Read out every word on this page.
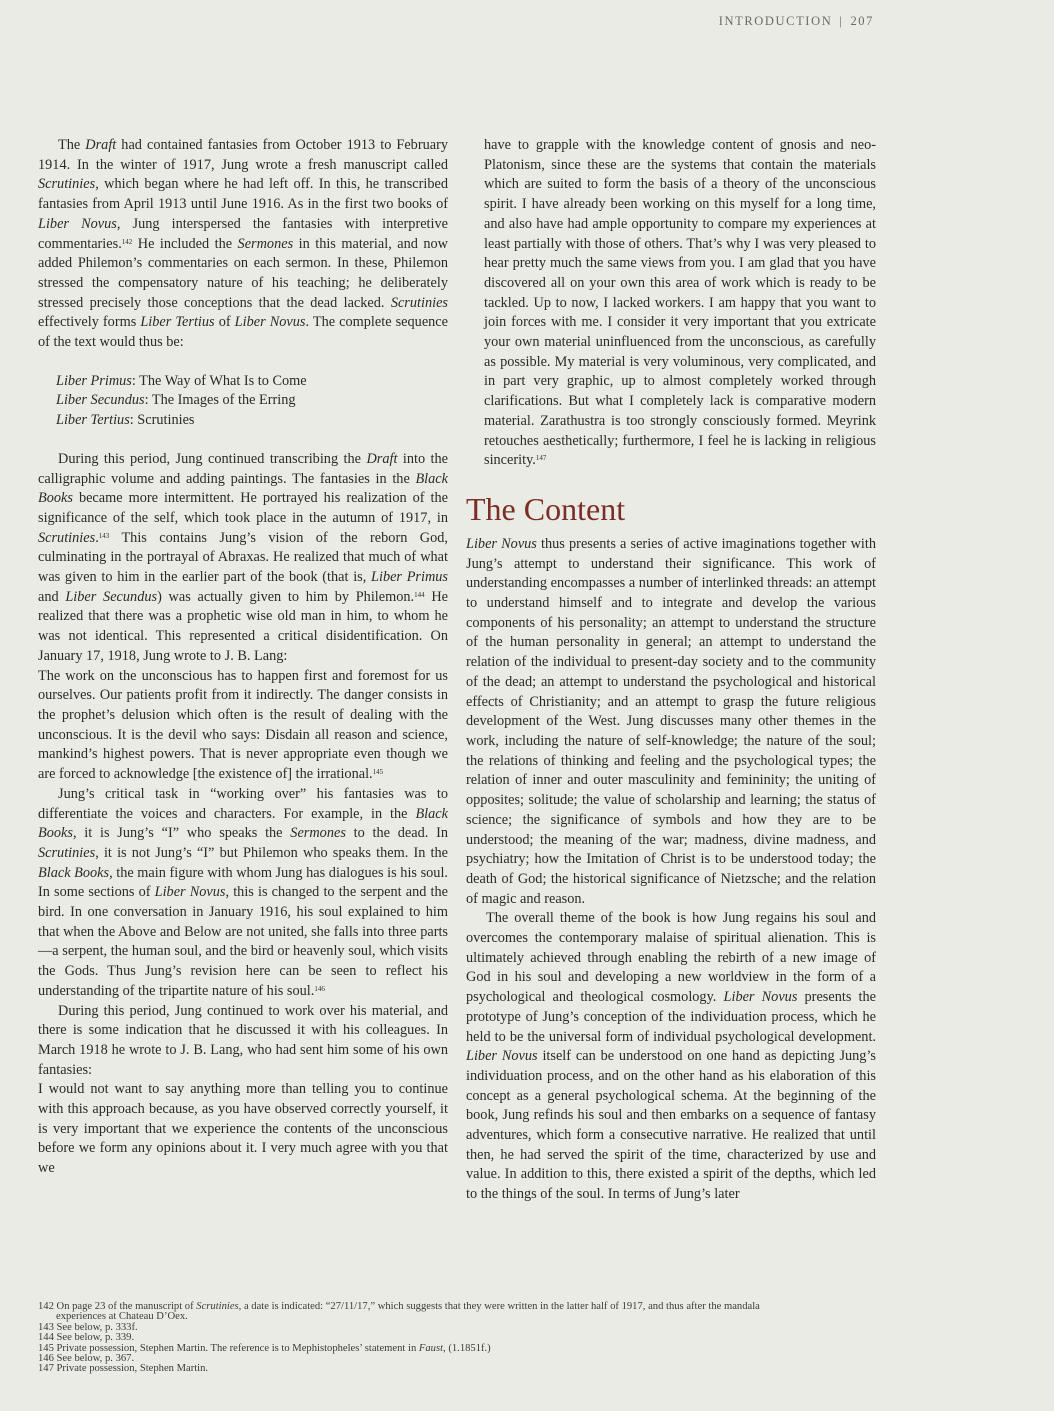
INTRODUCTION | 207

The Draft had contained fantasies from October 1913 to February 1914. In the winter of 1917, Jung wrote a fresh manuscript called Scrutinies, which began where he had left off. In this, he transcribed fantasies from April 1913 until June 1916. As in the first two books of Liber Novus, Jung interspersed the fantasies with interpretive commentaries.$^{142}$ He included the Sermones in this material, and now added Philemon’s commentaries on each sermon. In these, Philemon stressed the compensatory nature of his teaching; he deliberately stressed precisely those conceptions that the dead lacked. Scrutinies effectively forms Liber Tertius of Liber Novus. The complete sequence of the text would thus be:

Liber Primus: The Way of What Is to Come
Liber Secundus: The Images of the Erring
Liber Tertius: Scrutinies

During this period, Jung continued transcribing the Draft into the calligraphic volume and adding paintings. The fantasies in the Black Books became more intermittent. He portrayed his realization of the significance of the self, which took place in the autumn of 1917, in Scrutinies.$^{143}$ This contains Jung’s vision of the reborn God, culminating in the portrayal of Abraxas. He realized that much of what was given to him in the earlier part of the book (that is, Liber Primus and Liber Secundus) was actually given to him by Philemon.$^{144}$ He realized that there was a prophetic wise old man in him, to whom he was not identical. This represented a critical disidentification. On January 17, 1918, Jung wrote to J. B. Lang:

The work on the unconscious has to happen first and foremost for us ourselves. Our patients profit from it indirectly. The danger consists in the prophet’s delusion which often is the result of dealing with the unconscious. It is the devil who says: Disdain all reason and science, mankind’s highest powers. That is never appropriate even though we are forced to acknowledge [the existence of] the irrational.$^{145}$

Jung’s critical task in “working over” his fantasies was to differentiate the voices and characters. For example, in the Black Books, it is Jung’s “I” who speaks the Sermones to the dead. In Scrutinies, it is not Jung’s “I” but Philemon who speaks them. In the Black Books, the main figure with whom Jung has dialogues is his soul. In some sections of Liber Novus, this is changed to the serpent and the bird. In one conversation in January 1916, his soul explained to him that when the Above and Below are not united, she falls into three parts—a serpent, the human soul, and the bird or heavenly soul, which visits the Gods. Thus Jung’s revision here can be seen to reflect his understanding of the tripartite nature of his soul.$^{146}$

During this period, Jung continued to work over his material, and there is some indication that he discussed it with his colleagues. In March 1918 he wrote to J. B. Lang, who had sent him some of his own fantasies:

I would not want to say anything more than telling you to continue with this approach because, as you have observed correctly yourself, it is very important that we experience the contents of the unconscious before we form any opinions about it. I very much agree with you that we

have to grapple with the knowledge content of gnosis and neo-Platonism, since these are the systems that contain the materials which are suited to form the basis of a theory of the unconscious spirit. I have already been working on this myself for a long time, and also have had ample opportunity to compare my experiences at least partially with those of others. That’s why I was very pleased to hear pretty much the same views from you. I am glad that you have discovered all on your own this area of work which is ready to be tackled. Up to now, I lacked workers. I am happy that you want to join forces with me. I consider it very important that you extricate your own material uninfluenced from the unconscious, as carefully as possible. My material is very voluminous, very complicated, and in part very graphic, up to almost completely worked through clarifications. But what I completely lack is comparative modern material. Zarathustra is too strongly consciously formed. Meyrink retouches aesthetically; furthermore, I feel he is lacking in religious sincerity.$^{147}$

The Content

Liber Novus thus presents a series of active imaginations together with Jung’s attempt to understand their significance. This work of understanding encompasses a number of interlinked threads: an attempt to understand himself and to integrate and develop the various components of his personality; an attempt to understand the structure of the human personality in general; an attempt to understand the relation of the individual to present-day society and to the community of the dead; an attempt to understand the psychological and historical effects of Christianity; and an attempt to grasp the future religious development of the West. Jung discusses many other themes in the work, including the nature of self-knowledge; the nature of the soul; the relations of thinking and feeling and the psychological types; the relation of inner and outer masculinity and femininity; the uniting of opposites; solitude; the value of scholarship and learning; the status of science; the significance of symbols and how they are to be understood; the meaning of the war; madness, divine madness, and psychiatry; how the Imitation of Christ is to be understood today; the death of God; the historical significance of Nietzsche; and the relation of magic and reason.

The overall theme of the book is how Jung regains his soul and overcomes the contemporary malaise of spiritual alienation. This is ultimately achieved through enabling the rebirth of a new image of God in his soul and developing a new worldview in the form of a psychological and theological cosmology. Liber Novus presents the prototype of Jung’s conception of the individuation process, which he held to be the universal form of individual psychological development. Liber Novus itself can be understood on one hand as depicting Jung’s individuation process, and on the other hand as his elaboration of this concept as a general psychological schema. At the beginning of the book, Jung refinds his soul and then embarks on a sequence of fantasy adventures, which form a consecutive narrative. He realized that until then, he had served the spirit of the time, characterized by use and value. In addition to this, there existed a spirit of the depths, which led to the things of the soul. In terms of Jung’s later

142 On page 23 of the manuscript of Scrutinies, a date is indicated: “27/11/17,” which suggests that they were written in the latter half of 1917, and thus after the mandala
experiences at Chateau D’Oex.
143 See below, p. 333f.
144 See below, p. 339.
145 Private possession, Stephen Martin. The reference is to Mephistopheles’ statement in Faust, (1.1851f.)
146 See below, p. 367.
147 Private possession, Stephen Martin.
